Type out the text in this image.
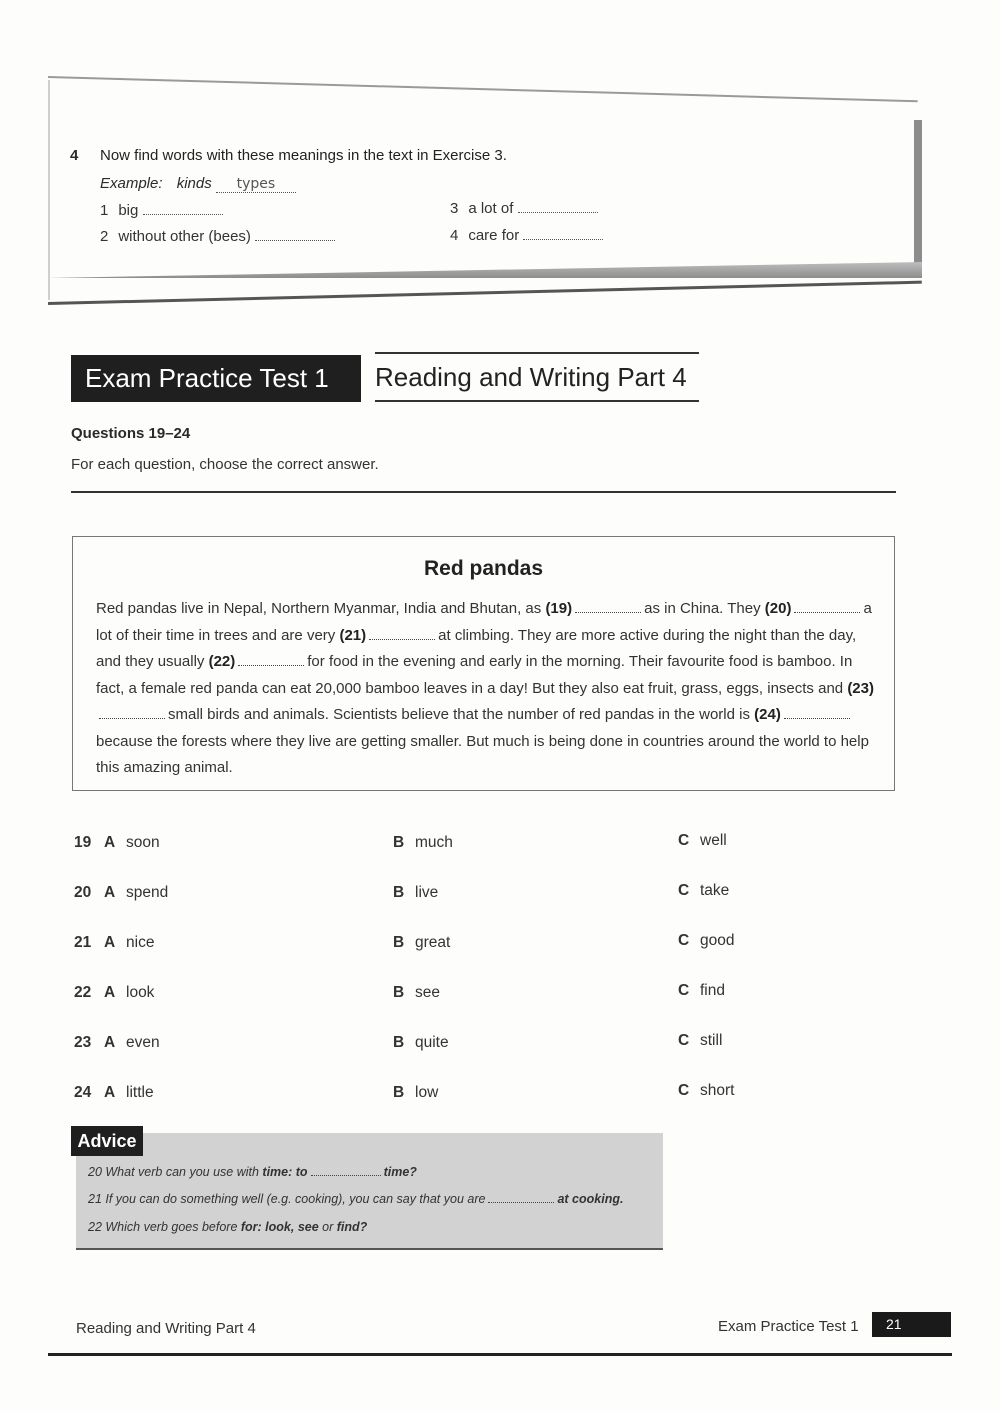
4 Now find words with these meanings in the text in Exercise 3.
Example: kinds types
1 big
2 without other (bees)
3 a lot of
4 care for
Exam Practice Test 1	Reading and Writing Part 4
Questions 19–24
For each question, choose the correct answer.
Red pandas
Red pandas live in Nepal, Northern Myanmar, India and Bhutan, as (19)	as in China. They (20)	a lot of their time in trees and are very (21)	at climbing. They are more active during the night than the day, and they usually (22)	for food in the evening and early in the morning. Their favourite food is bamboo. In fact, a female red panda can eat 20,000 bamboo leaves in a day! But they also eat fruit, grass, eggs, insects and (23)small birds and animals. Scientists believe that the number of red pandas in the world is (24)because the forests where they live are getting smaller. But much is being done in countries around the world to help this amazing animal.
19 A soon	B much	C well
20 A spend	B live	C take
21 A nice	B great	C good
22 A look	B see	C find
23 A even	B quite	C still
24 A little	B low	C short
Advice
20 What verb can you use with time: to	time?
21 If you can do something well (e.g. cooking), you can say that you are	at cooking.
22 Which verb goes before for: look, see or find?
Reading and Writing Part 4	Exam Practice Test 1	21
